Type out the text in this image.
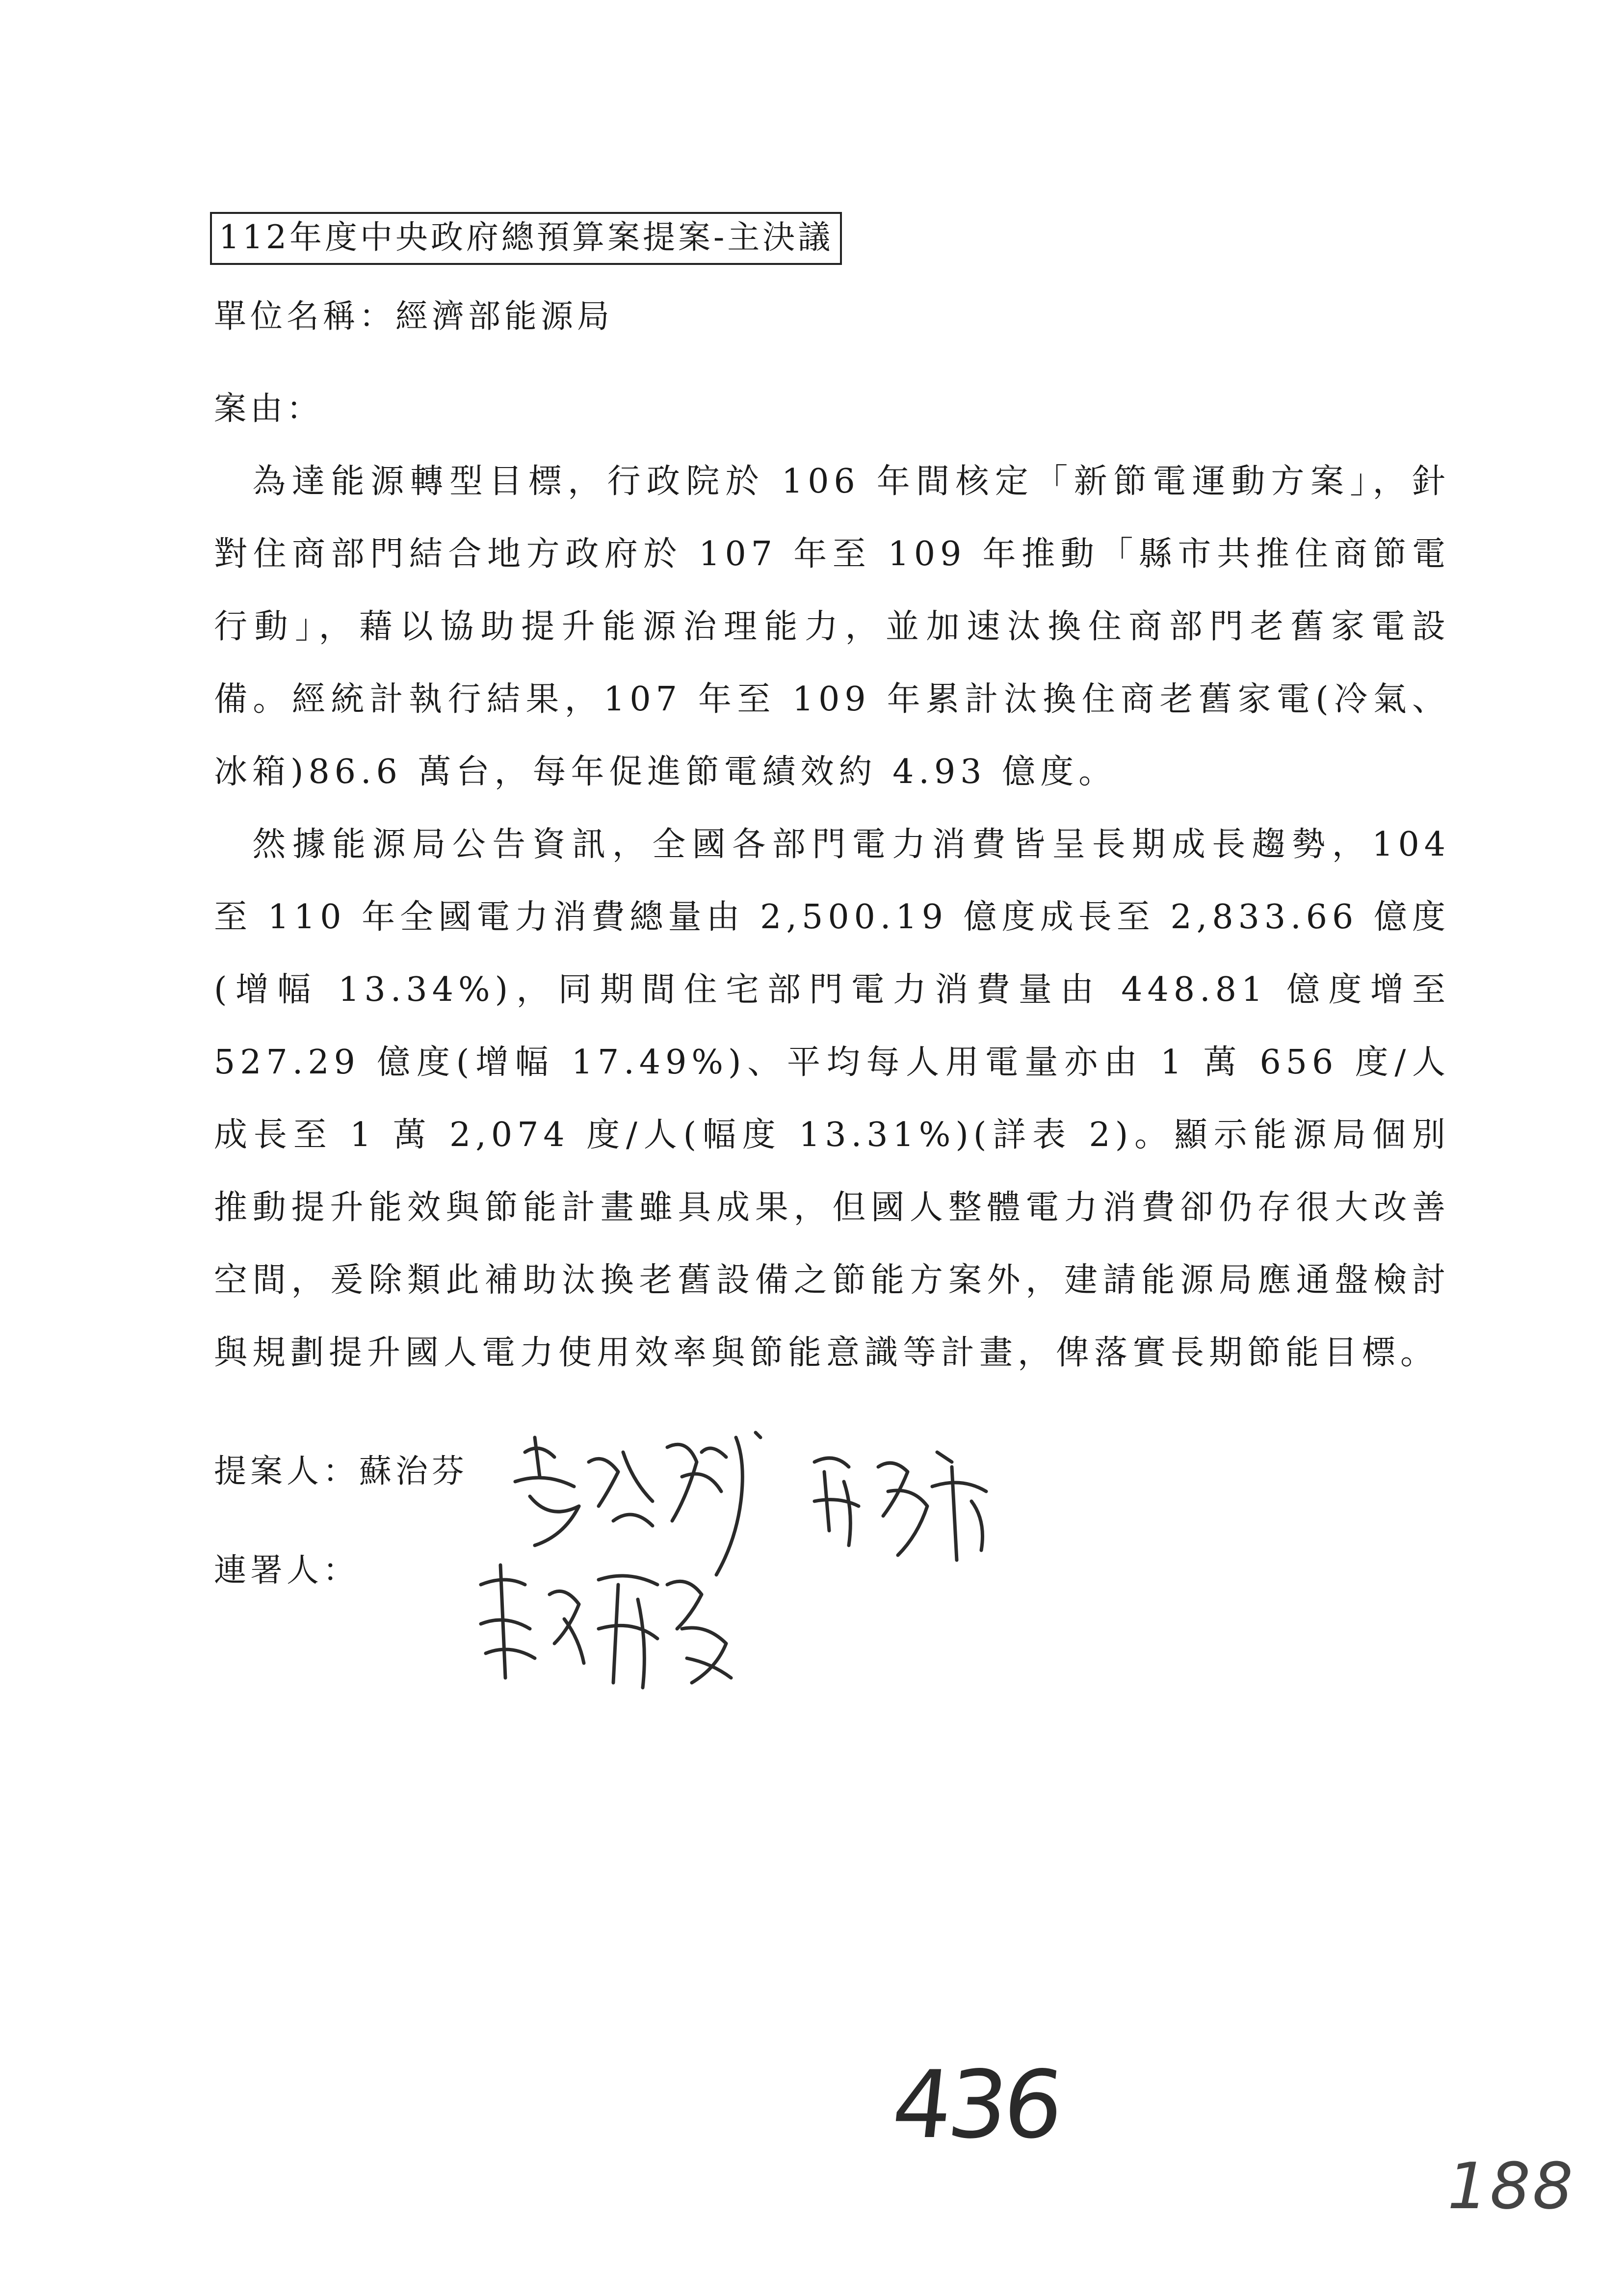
112年度中央政府總預算案提案-主決議
單位名稱：經濟部能源局
案由：

為達能源轉型目標，行政院於 106 年間核定「新節電運動方案」，針對住商部門結合地方政府於 107 年至 109 年推動「縣市共推住商節電行動」，藉以協助提升能源治理能力，並加速汰換住商部門老舊家電設備。經統計執行結果，107 年至 109 年累計汰換住商老舊家電(冷氣、冰箱)86.6 萬台，每年促進節電績效約 4.93 億度。

然據能源局公告資訊，全國各部門電力消費皆呈長期成長趨勢，104 至 110 年全國電力消費總量由 2,500.19 億度成長至 2,833.66 億度(增幅 13.34%)，同期間住宅部門電力消費量由 448.81 億度增至 527.29 億度(增幅 17.49%)、平均每人用電量亦由 1 萬 656 度/人成長至 1 萬 2,074 度/人(幅度 13.31%)(詳表 2)。顯示能源局個別推動提升能效與節能計畫雖具成果，但國人整體電力消費卻仍存很大改善空間，爰除類此補助汰換老舊設備之節能方案外，建請能源局應通盤檢討與規劃提升國人電力使用效率與節能意識等計畫，俾落實長期節能目標。

提案人：蘇治芬
連署人：
436
188
